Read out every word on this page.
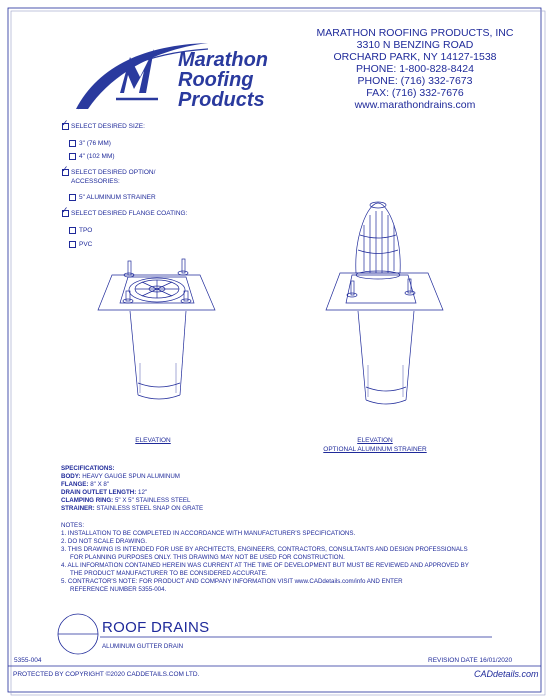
Marathon
Roofing
Products
MARATHON ROOFING PRODUCTS, INC
3310 N BENZING ROAD
ORCHARD PARK, NY 14127-1538
PHONE: 1-800-828-8424
PHONE: (716) 332-7673
FAX: (716) 332-7676
www.marathondrains.com
✓ SELECT DESIRED SIZE:
3" (76 MM)
4" (102 MM)
✓ SELECT DESIRED OPTION/
ACCESSORIES:
5" ALUMINUM STRAINER
✓ SELECT DESIRED FLANGE COATING:
TPO
PVC
ELEVATION	ELEVATION
OPTIONAL ALUMINUM STRAINER
SPECIFICATIONS:
BODY: HEAVY GAUGE SPUN ALUMINUM
FLANGE: 8" X 8"
DRAIN OUTLET LENGTH: 12"
CLAMPING RING: 5" X 5" STAINLESS STEEL
STRAINER: STAINLESS STEEL SNAP ON GRATE
NOTES:
1. INSTALLATION TO BE COMPLETED IN ACCORDANCE WITH MANUFACTURER'S SPECIFICATIONS.
2. DO NOT SCALE DRAWING.
3. THIS DRAWING IS INTENDED FOR USE BY ARCHITECTS, ENGINEERS, CONTRACTORS, CONSULTANTS AND DESIGN PROFESSIONALS
FOR PLANNING PURPOSES ONLY. THIS DRAWING MAY NOT BE USED FOR CONSTRUCTION.
4. ALL INFORMATION CONTAINED HEREIN WAS CURRENT AT THE TIME OF DEVELOPMENT BUT MUST BE REVIEWED AND APPROVED BY
THE PRODUCT MANUFACTURER TO BE CONSIDERED ACCURATE.
5. CONTRACTOR'S NOTE: FOR PRODUCT AND COMPANY INFORMATION VISIT www.CADdetails.com/info AND ENTER
REFERENCE NUMBER 5355-004.
ROOF DRAINS
ALUMINUM GUTTER DRAIN
5355-004	REVISION DATE 16/01/2020
PROTECTED BY COPYRIGHT ©2020 CADDETAILS.COM LTD.	CADdetails.com
